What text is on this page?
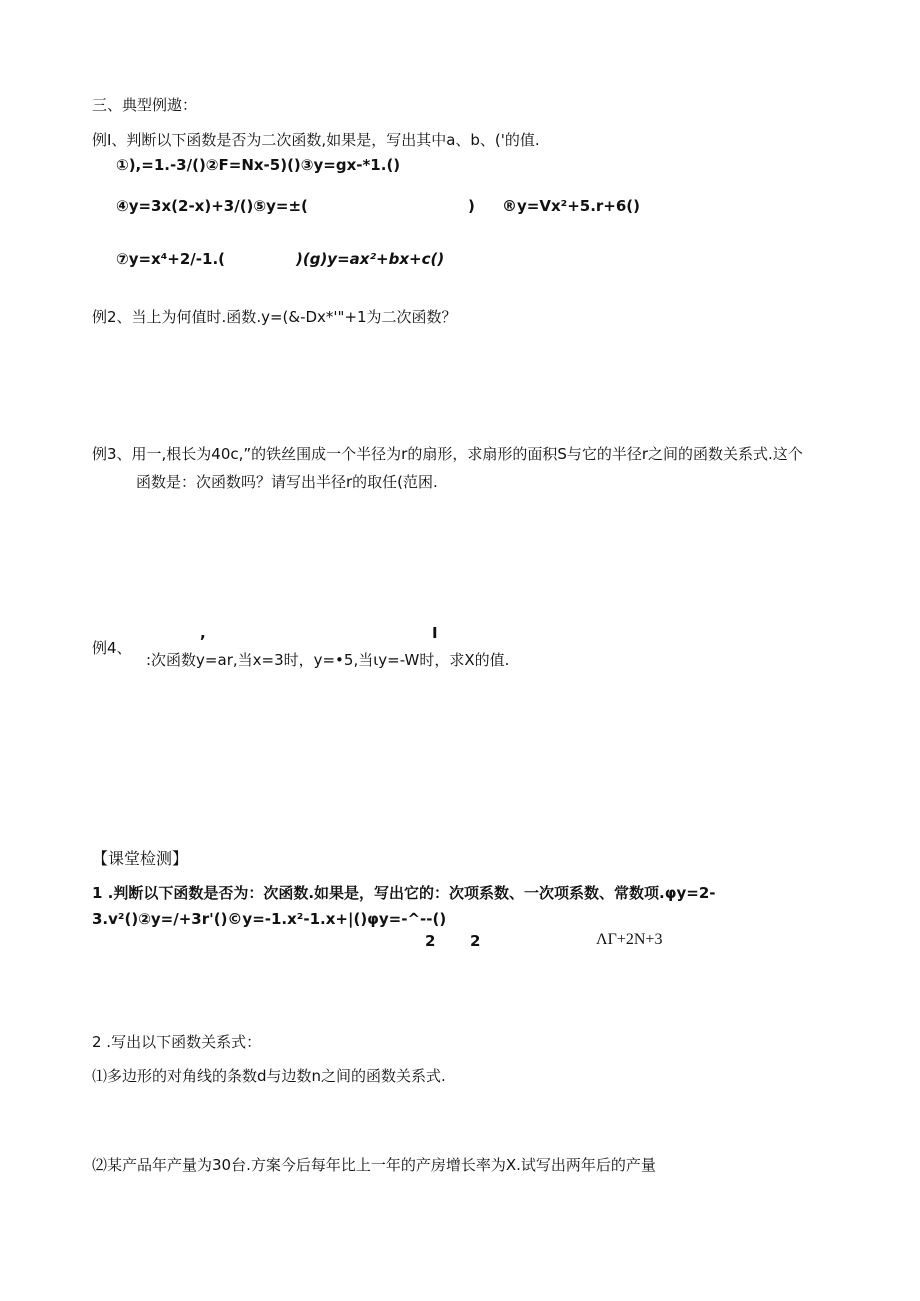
三、典型例遨：
例I、判断以下函数是否为二次函数,如果是，写出其中a、b、('的值.
①),=1.-3/()②F=Nx-5)()③y=gx-*1.()
④y=3x(2-x)+3/()⑤y=±(	) ®y=Vx²+5.r+6()
⑦y=x⁴+2/-1.(	)(g)y=ax²+bx+c()
例2、当上为何值时.函数.y=(&-Dx*'"+1为二次函数？
例3、用一,根长为40c,”的铁丝围成一个半径为r的扇形，求扇形的面积S与它的半径r之间的函数关系式.这个
函数是：次函数吗？请写出半径r的取任(范困.
,	I
例4、
:次函数y=ar,当x=3时，y=•5,当ιy=-W时，求X的值.
【课堂检测】
1 .判断以下函数是否为：次函数.如果是，写出它的：次项系数、一次项系数、常数项.φy=2-
3.v²()②y=/+3r'()©y=-1.x²-1.x+|()φy=-^--()
2 2	ΛΓ+2N+3
2 .写出以下函数关系式：
⑴多边形的对角线的条数d与边数n之间的函数关系式.
⑵某产品年产量为30台.方案今后每年比上一年的产房增长率为X.试写出两年后的产量
